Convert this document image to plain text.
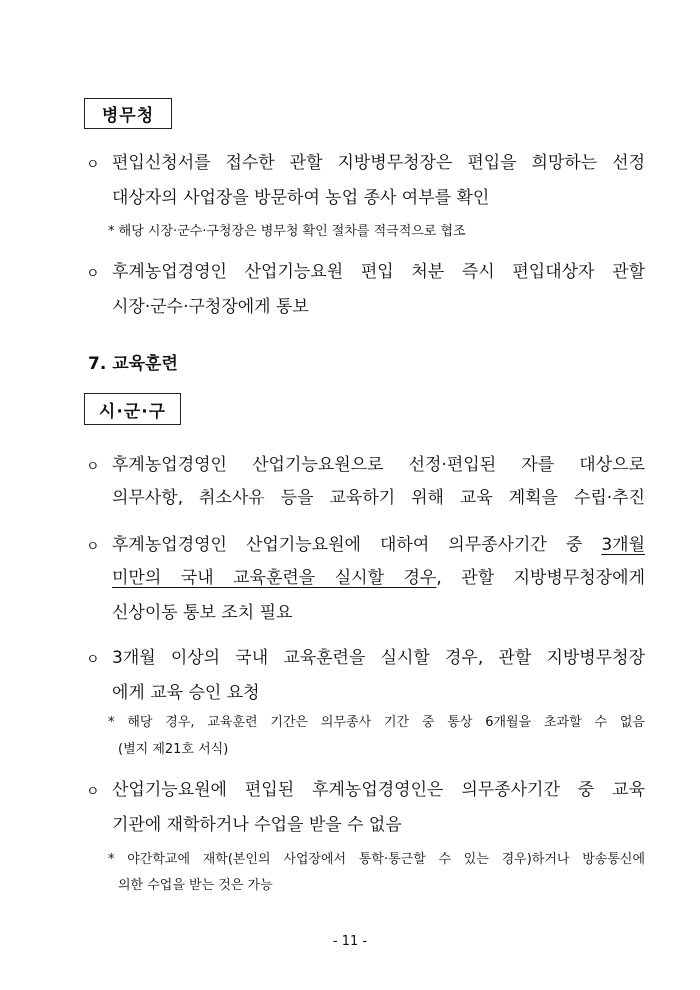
병무청
ㅇ 편입신청서를 접수한 관할 지방병무청장은 편입을 희망하는 선정
대상자의 사업장을 방문하여 농업 종사 여부를 확인
* 해당 시장·군수·구청장은 병무청 확인 절차를 적극적으로 협조
ㅇ 후계농업경영인 산업기능요원 편입 처분 즉시 편입대상자 관할
시장·군수·구청장에게 통보
7. 교육훈련
시·군·구
ㅇ 후계농업경영인 산업기능요원으로 선정·편입된 자를 대상으로
의무사항, 취소사유 등을 교육하기 위해 교육 계획을 수립·추진
ㅇ 후계농업경영인 산업기능요원에 대하여 의무종사기간 중 3개월
미만의 국내 교육훈련을 실시할 경우, 관할 지방병무청장에게
신상이동 통보 조치 필요
ㅇ 3개월 이상의 국내 교육훈련을 실시할 경우, 관할 지방병무청장
에게 교육 승인 요청
* 해당 경우, 교육훈련 기간은 의무종사 기간 중 통상 6개월을 초과할 수 없음
(별지 제21호 서식)
ㅇ 산업기능요원에 편입된 후계농업경영인은 의무종사기간 중 교육
기관에 재학하거나 수업을 받을 수 없음
* 야간학교에 재학(본인의 사업장에서 통학·통근할 수 있는 경우)하거나 방송통신에
의한 수업을 받는 것은 가능
- 11 -
